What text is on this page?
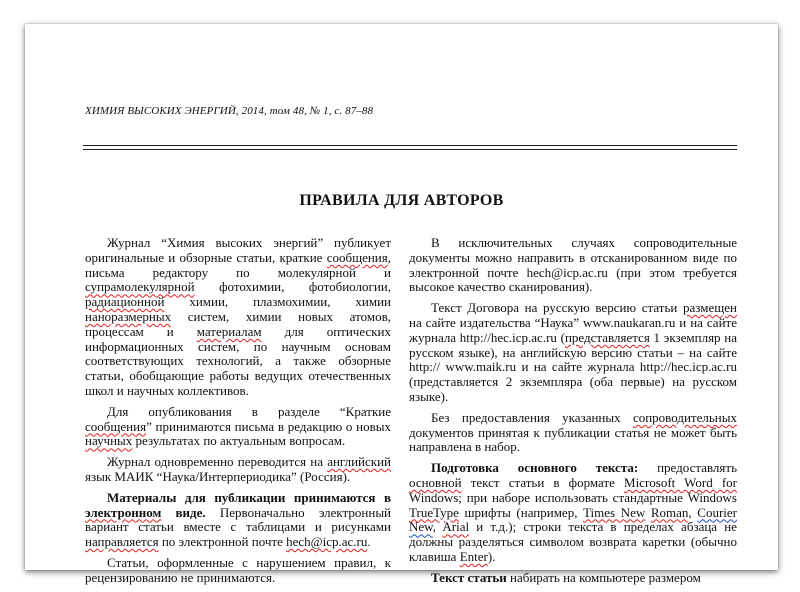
ХИМИЯ ВЫСОКИХ ЭНЕРГИЙ, 2014, том 48, № 1, с. 87–88
ПРАВИЛА ДЛЯ АВТОРОВ

Журнал “Химия высоких энергий” публикует оригинальные и обзорные статьи, краткие сообщения, письма редактору по молекулярной и супрамолекулярной фотохимии, фотобиологии, радиационной химии, плазмохимии, химии наноразмерных систем, химии новых атомов, процессам и материалам для оптических информационных систем, по научным основам соответствующих технологий, а также обзорные статьи, обобщающие работы ведущих отечественных школ и научных коллективов.

Для опубликования в разделе “Краткие сообщения” принимаются письма в редакцию о новых научных результатах по актуальным вопросам.

Журнал одновременно переводится на английский язык МАИК “Наука/Интерпериодика” (Россия).

Материалы для публикации принимаются в электронном виде. Первоначально электронный вариант статьи вместе с таблицами и рисунками направляется по электронной почте hech@icp.ac.ru.

Статьи, оформленные с нарушением правил, к рецензированию не принимаются.

В исключительных случаях сопроводительные документы можно направить в отсканированном виде по электронной почте hech@icp.ac.ru (при этом требуется высокое качество сканирования).

Текст Договора на русскую версию статьи размещен на сайте издательства “Наука” www.naukaran.ru и на сайте журнала http://hec.icp.ac.ru (представляется 1 экземпляр на русском языке), на английскую версию статьи – на сайте http:// www.maik.ru и на сайте журнала http://hec.icp.ac.ru (представляется 2 экземпляра (оба первые) на русском языке).

Без предоставления указанных сопроводительных документов принятая к публикации статья не может быть направлена в набор.

Подготовка основного текста: предоставлять основной текст статьи в формате Microsoft Word for Windows; при наборе использовать стандартные Windows TrueType шрифты (например, Times New Roman, Courier New, Arial и т.д.); строки текста в пределах абзаца не должны разделяться символом возврата каретки (обычно клавиша Enter).

Текст статьи набирать на компьютере размером
